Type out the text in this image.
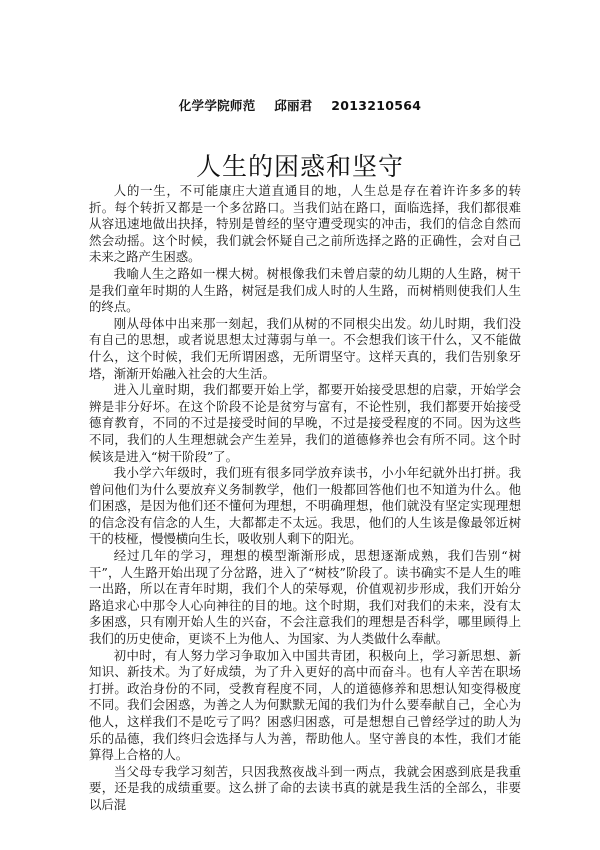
化学学院师范 邱丽君 2013210564
人生的困惑和坚守

人的一生，不可能康庄大道直通目的地，人生总是存在着许许多多的转折。每个转折又都是一个多岔路口。当我们站在路口，面临选择，我们都很难从容迅速地做出抉择，特别是曾经的坚守遭受现实的冲击，我们的信念自然而然会动摇。这个时候，我们就会怀疑自己之前所选择之路的正确性，会对自己未来之路产生困惑。

我喻人生之路如一棵大树。树根像我们未曾启蒙的幼儿期的人生路，树干是我们童年时期的人生路，树冠是我们成人时的人生路，而树梢则使我们人生的终点。

刚从母体中出来那一刻起，我们从树的不同根尖出发。幼儿时期，我们没有自己的思想，或者说思想太过薄弱与单一。不会想我们该干什么，又不能做什么，这个时候，我们无所谓困惑，无所谓坚守。这样天真的，我们告别象牙塔，渐渐开始融入社会的大生活。

进入儿童时期，我们都要开始上学，都要开始接受思想的启蒙，开始学会辨是非分好坏。在这个阶段不论是贫穷与富有，不论性别，我们都要开始接受德育教育，不同的不过是接受时间的早晚，不过是接受程度的不同。因为这些不同，我们的人生理想就会产生差异，我们的道德修养也会有所不同。这个时候该是进入“树干阶段”了。

我小学六年级时，我们班有很多同学放弃读书，小小年纪就外出打拼。我曾问他们为什么要放弃义务制教学，他们一般都回答他们也不知道为什么。他们困惑，是因为他们还不懂何为理想，不明确理想，他们就没有坚定实现理想的信念没有信念的人生，大都都走不太远。我思，他们的人生该是像最邻近树干的枝桠，慢慢横向生长，吸收别人剩下的阳光。

经过几年的学习，理想的模型渐渐形成，思想逐渐成熟，我们告别“树干”，人生路开始出现了分岔路，进入了“树枝”阶段了。读书确实不是人生的唯一出路，所以在青年时期，我们个人的荣辱观，价值观初步形成，我们开始分路追求心中那令人心向神往的目的地。这个时期，我们对我们的未来，没有太多困惑，只有刚开始人生的兴奋，不会注意我们的理想是否科学，哪里顾得上我们的历史使命，更谈不上为他人、为国家、为人类做什么奉献。

初中时，有人努力学习争取加入中国共青团，积极向上，学习新思想、新知识、新技术。为了好成绩，为了升入更好的高中而奋斗。也有人辛苦在职场打拼。政治身份的不同，受教育程度不同，人的道德修养和思想认知变得极度不同。我们会困惑，为善之人为何默默无闻的我们为什么要奉献自己，全心为他人，这样我们不是吃亏了吗？困惑归困惑，可是想想自己曾经学过的助人为乐的品德，我们终归会选择与人为善，帮助他人。坚守善良的本性，我们才能算得上合格的人。

当父母专我学习刻苦，只因我熬夜战斗到一两点，我就会困惑到底是我重要，还是我的成绩重要。这么拼了命的去读书真的就是我生活的全部么，非要以后混
